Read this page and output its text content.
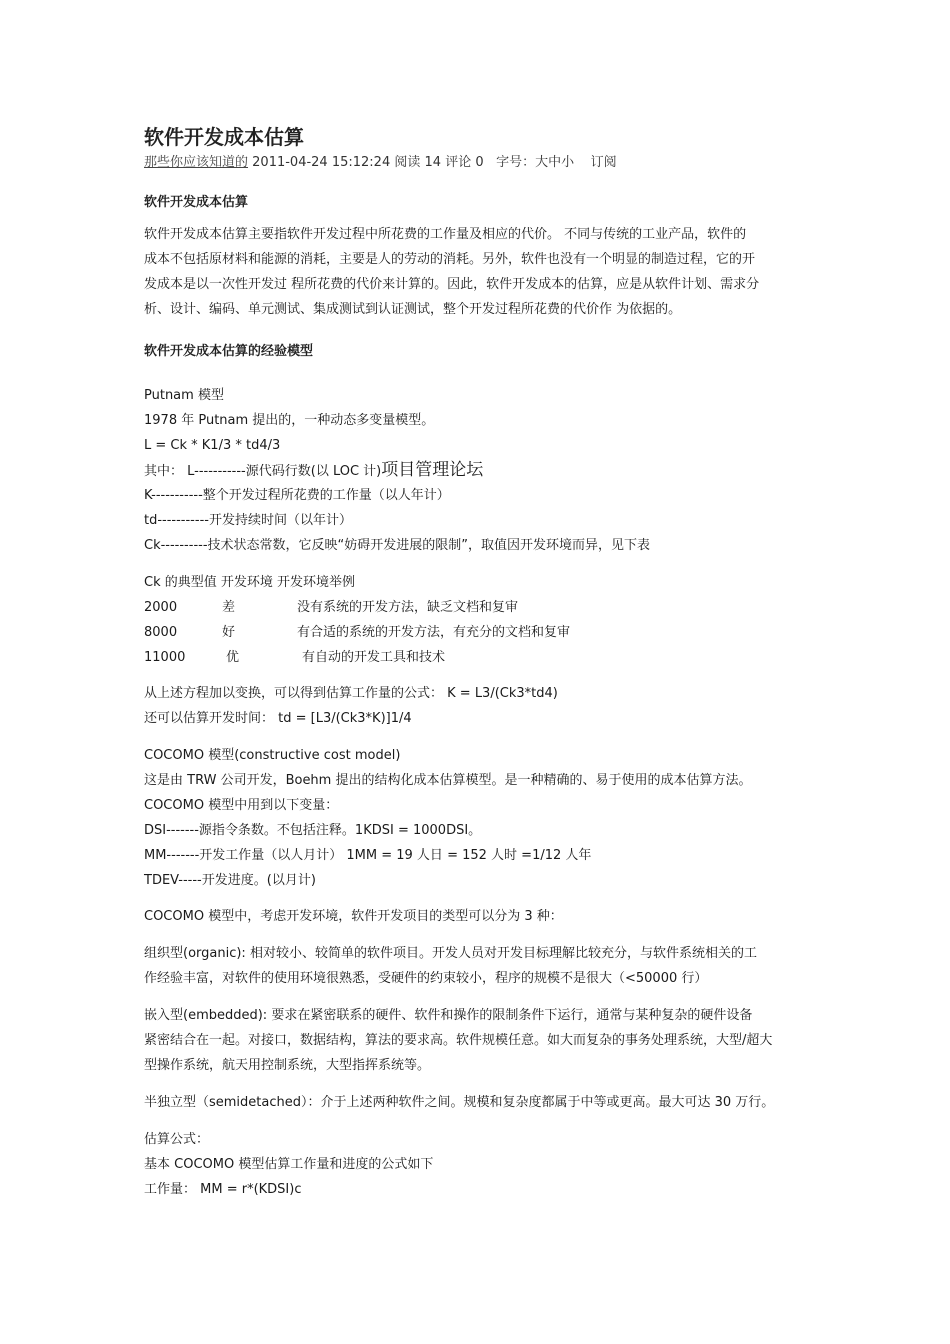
软件开发成本估算
那些你应该知道的 2011-04-24 15:12:24 阅读 14 评论 0 字号：大中小 订阅
软件开发成本估算
软件开发成本估算主要指软件开发过程中所花费的工作量及相应的代价。 不同与传统的工业产品，软件的
成本不包括原材料和能源的消耗，主要是人的劳动的消耗。另外，软件也没有一个明显的制造过程，它的开
发成本是以一次性开发过 程所花费的代价来计算的。因此，软件开发成本的估算，应是从软件计划、需求分
析、设计、编码、单元测试、集成测试到认证测试，整个开发过程所花费的代价作 为依据的。
软件开发成本估算的经验模型
Putnam 模型
1978 年 Putnam 提出的，一种动态多变量模型。
L = Ck * K1/3 * td4/3
其中： L-----------源代码行数(以 LOC 计)项目管理论坛
K-----------整个开发过程所花费的工作量（以人年计）
td-----------开发持续时间（以年计）
Ck----------技术状态常数，它反映“妨碍开发进展的限制”，取值因开发环境而异，见下表
Ck 的典型值 开发环境 开发环境举例
2000	差	没有系统的开发方法，缺乏文档和复审
8000	好	有合适的系统的开发方法，有充分的文档和复审
11000	优	有自动的开发工具和技术
从上述方程加以变换，可以得到估算工作量的公式： K = L3/(Ck3*td4)
还可以估算开发时间： td = [L3/(Ck3*K)]1/4
COCOMO 模型(constructive cost model)
这是由 TRW 公司开发，Boehm 提出的结构化成本估算模型。是一种精确的、易于使用的成本估算方法。
COCOMO 模型中用到以下变量：
DSI-------源指令条数。不包括注释。1KDSI = 1000DSI。
MM-------开发工作量（以人月计） 1MM = 19 人日 = 152 人时 =1/12 人年
TDEV-----开发进度。(以月计)
COCOMO 模型中，考虑开发环境，软件开发项目的类型可以分为 3 种：
组织型(organic): 相对较小、较简单的软件项目。开发人员对开发目标理解比较充分，与软件系统相关的工
作经验丰富，对软件的使用环境很熟悉，受硬件的约束较小，程序的规模不是很大（<50000 行）
嵌入型(embedded): 要求在紧密联系的硬件、软件和操作的限制条件下运行，通常与某种复杂的硬件设备
紧密结合在一起。对接口，数据结构，算法的要求高。软件规模任意。如大而复杂的事务处理系统，大型/超大
型操作系统，航天用控制系统，大型指挥系统等。
半独立型（semidetached）：介于上述两种软件之间。规模和复杂度都属于中等或更高。最大可达 30 万行。
估算公式：
基本 COCOMO 模型估算工作量和进度的公式如下
工作量： MM = r*(KDSI)c
